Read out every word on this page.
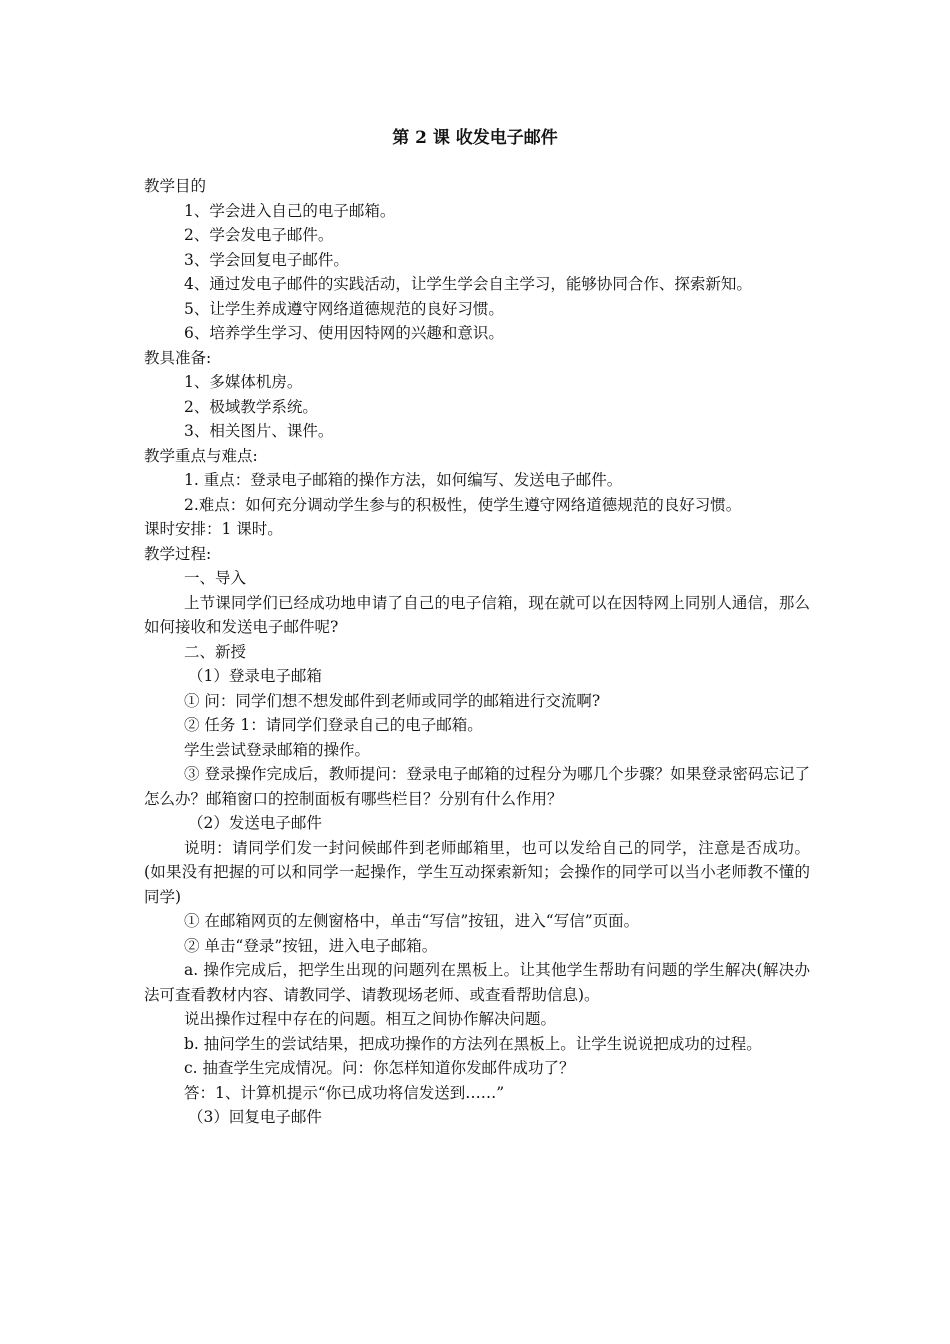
第 2 课 收发电子邮件

教学目的

1、学会进入自己的电子邮箱。

2、学会发电子邮件。

3、学会回复电子邮件。

4、通过发电子邮件的实践活动，让学生学会自主学习，能够协同合作、探索新知。

5、让学生养成遵守网络道德规范的良好习惯。

6、培养学生学习、使用因特网的兴趣和意识。

教具准备:

1、多媒体机房。

2、极域教学系统。

3、相关图片、课件。

教学重点与难点:

1. 重点：登录电子邮箱的操作方法，如何编写、发送电子邮件。

2.难点：如何充分调动学生参与的积极性，使学生遵守网络道德规范的良好习惯。

课时安排：1 课时。

教学过程:

一、导入

上节课同学们已经成功地申请了自己的电子信箱，现在就可以在因特网上同别人通信，那么如何接收和发送电子邮件呢?

二、新授

（1）登录电子邮箱

① 问：同学们想不想发邮件到老师或同学的邮箱进行交流啊?

② 任务 1：请同学们登录自己的电子邮箱。

学生尝试登录邮箱的操作。

③ 登录操作完成后，教师提问：登录电子邮箱的过程分为哪几个步骤？如果登录密码忘记了怎么办？邮箱窗口的控制面板有哪些栏目？分别有什么作用？

（2）发送电子邮件

说明：请同学们发一封问候邮件到老师邮箱里，也可以发给自己的同学，注意是否成功。(如果没有把握的可以和同学一起操作，学生互动探索新知；会操作的同学可以当小老师教不懂的同学)

① 在邮箱网页的左侧窗格中，单击“写信”按钮，进入“写信”页面。

② 单击“登录”按钮，进入电子邮箱。

a. 操作完成后，把学生出现的问题列在黑板上。让其他学生帮助有问题的学生解决(解决办法可查看教材内容、请教同学、请教现场老师、或查看帮助信息)。

说出操作过程中存在的问题。相互之间协作解决问题。

b. 抽问学生的尝试结果，把成功操作的方法列在黑板上。让学生说说把成功的过程。

c. 抽查学生完成情况。问：你怎样知道你发邮件成功了？

答：1、计算机提示“你已成功将信发送到……”

（3）回复电子邮件
